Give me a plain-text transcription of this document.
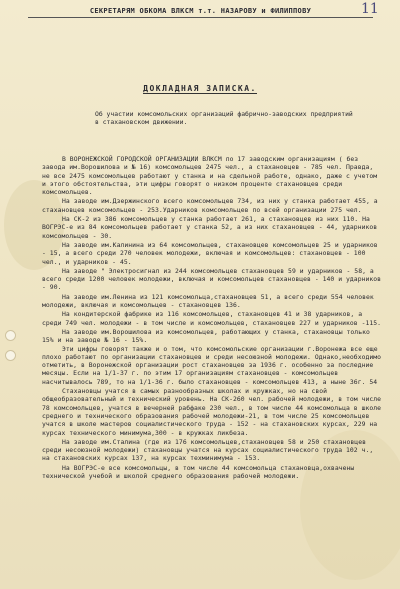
СЕКРЕТАРЯМ ОБКОМА ВЛКСМ т.т. НАЗАРОВУ и ФИЛИППОВУ	11
ДОКЛАДНАЯ ЗАПИСКА.
Об участии комсомольских организаций фабрично-заводских предприятий в стахановском движении.

В ВОРОНЕЖСКОЙ ГОРОДСКОЙ ОРГАНИЗАЦИИ ВЛКСМ по 17 заводским организациям ( без завода им.Ворошилова и № 16) комсомольцев 2475 чел., а стахановцев - 785 чел. Правда, не все 2475 комсомольцев работают у станка и на сдельной работе, однако, даже с учетом и этого обстоятельства, эти цифры говорят о низком проценте стахановцев среди комсомольцев.

На заводе им.Дзержинского всего комсомольцев 734, из них у станка работает 455, а стахановцев комсомольцев - 253.Ударников комсомольцев по всей организации 275 чел.

На СК-2 из 386 комсомольцев у станка работает 261, а стахановцев из них 110. На ВОГРЭС-е из 84 комсомольцев работает у станка 52, а из них стахановцев - 44, ударников комсомольцев - 30.

На заводе им.Калинина из 64 комсомольцев, стахановцев комсомольцев 25 и ударников - 15, а всего среди 270 человек молодежи, включая и комсомольцев: стахановцев - 100 чел., и ударников - 45.

На заводе " Электросигнал из 244 комсомольцев стахановцев 59 и ударников - 58, а всего среди 1200 человек молодежи, включая и комсомольцев стахановцев - 140 и ударников - 90.

На заводе им.Ленина из 121 комсомольца,стахановцев 51, а всего среди 554 человек молодежи, включая и комсомольцев - стахановцев 136.

На кондитерской фабрике из 116 комсомольцев, стахановцев 41 и 38 ударников, а среди 749 чел. молодежи - в том числе и комсомольцев, стахановцев 227 и ударников -115.

На заводе им.Ворошилова из комсомольцев, работающих у станка, стахановцы только 15% и на заводе № 16 - 15%.

Эти цифры говорят также и о том, что комсомольские организации г.Воронежа все еще плохо работают по организации стахановцев и среди несоюзной молодежи. Однако,необходимо отметить, в Воронежской организации рост стахановцев за 1936 г. особенно за последние месяцы. Если на 1/1-37 г. по этим 17 организациям стахановцев - комсомольцев насчитывалось 789, то на 1/1-36 г. было стахановцев - комсомольцев 413, а ныне 36г. 54

Стахановцы учатся в самых разнообразных школах и кружках, но на свой общеобразовательный и технический уровень. На СК-260 чел. рабочей молодежи, в том числе 78 комсомольцев, учатся в вечерней рабфаке 230 чел., в том числе 44 комсомольца в школе среднего и технического образования рабочей молодежи-21, в том числе 25 комсомольцев учатся в школе мастеров социалистического труда - 152 - на стахановских курсах, 229 на курсах технического минимума,300 - в кружках ликбеза.

На заводе им.Сталина (где из 176 комсомольцев,стахановцев 58 и 250 стахановцев среди несоюзной молодежи) стахановцы учатся на курсах социалистического труда 102 ч., на стахановских курсах 137, на курсах техминимума - 153.

На ВОГРЭС-е все комсомольцы, в том числе 44 комсомольца стахановца,охвачены технической учебой и школой среднего образования рабочей молодежи.
